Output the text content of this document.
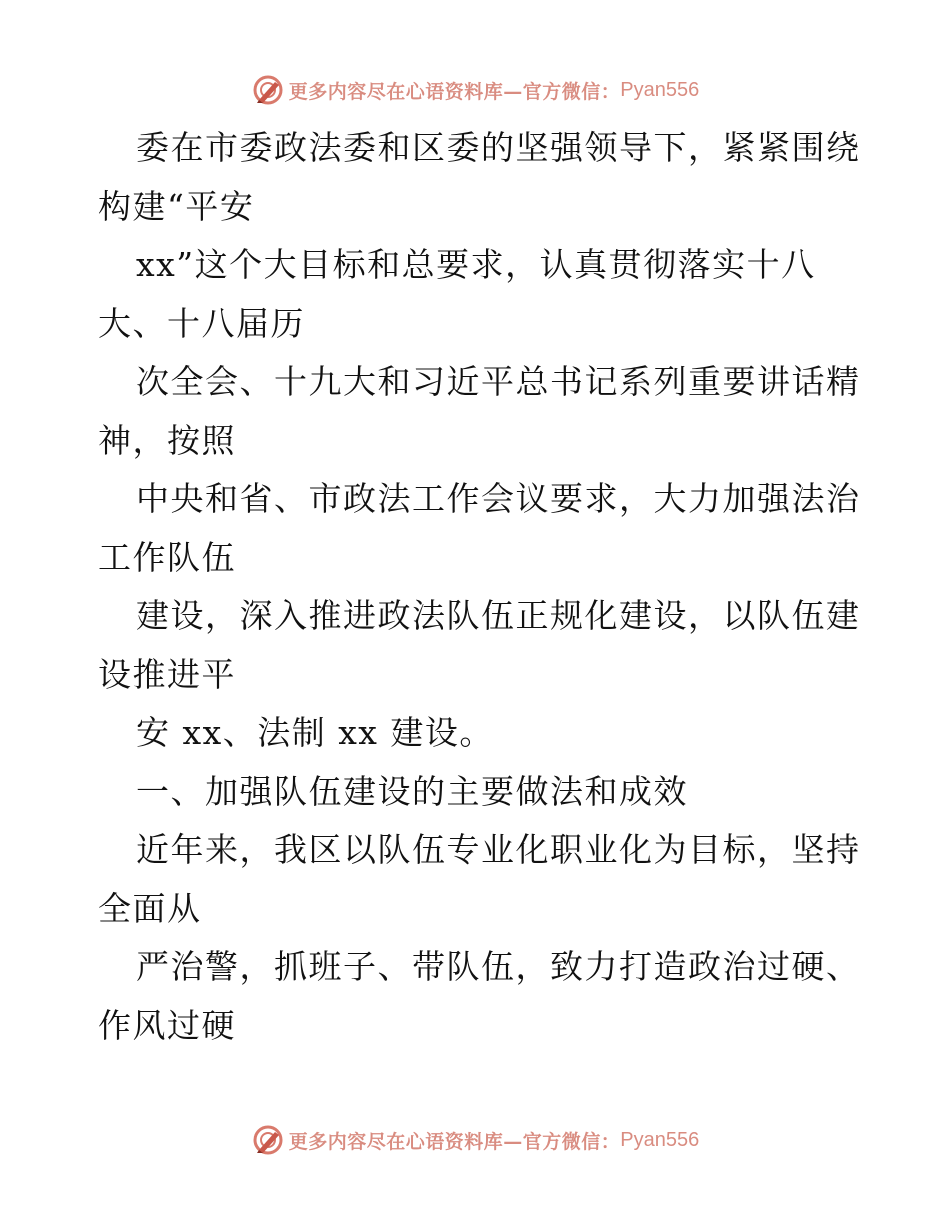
更多内容尽在心语资料库—官方微信： Pyan556

委在市委政法委和区委的坚强领导下，紧紧围绕
构建“平安

xx”这个大目标和总要求，认真贯彻落实十八
大、十八届历

次全会、十九大和习近平总书记系列重要讲话精
神，按照

中央和省、市政法工作会议要求，大力加强法治
工作队伍

建设，深入推进政法队伍正规化建设，以队伍建
设推进平

安 xx、法制 xx 建设。

一、加强队伍建设的主要做法和成效

近年来，我区以队伍专业化职业化为目标，坚持
全面从

严治警，抓班子、带队伍，致力打造政治过硬、
作风过硬

更多内容尽在心语资料库—官方微信： Pyan556
